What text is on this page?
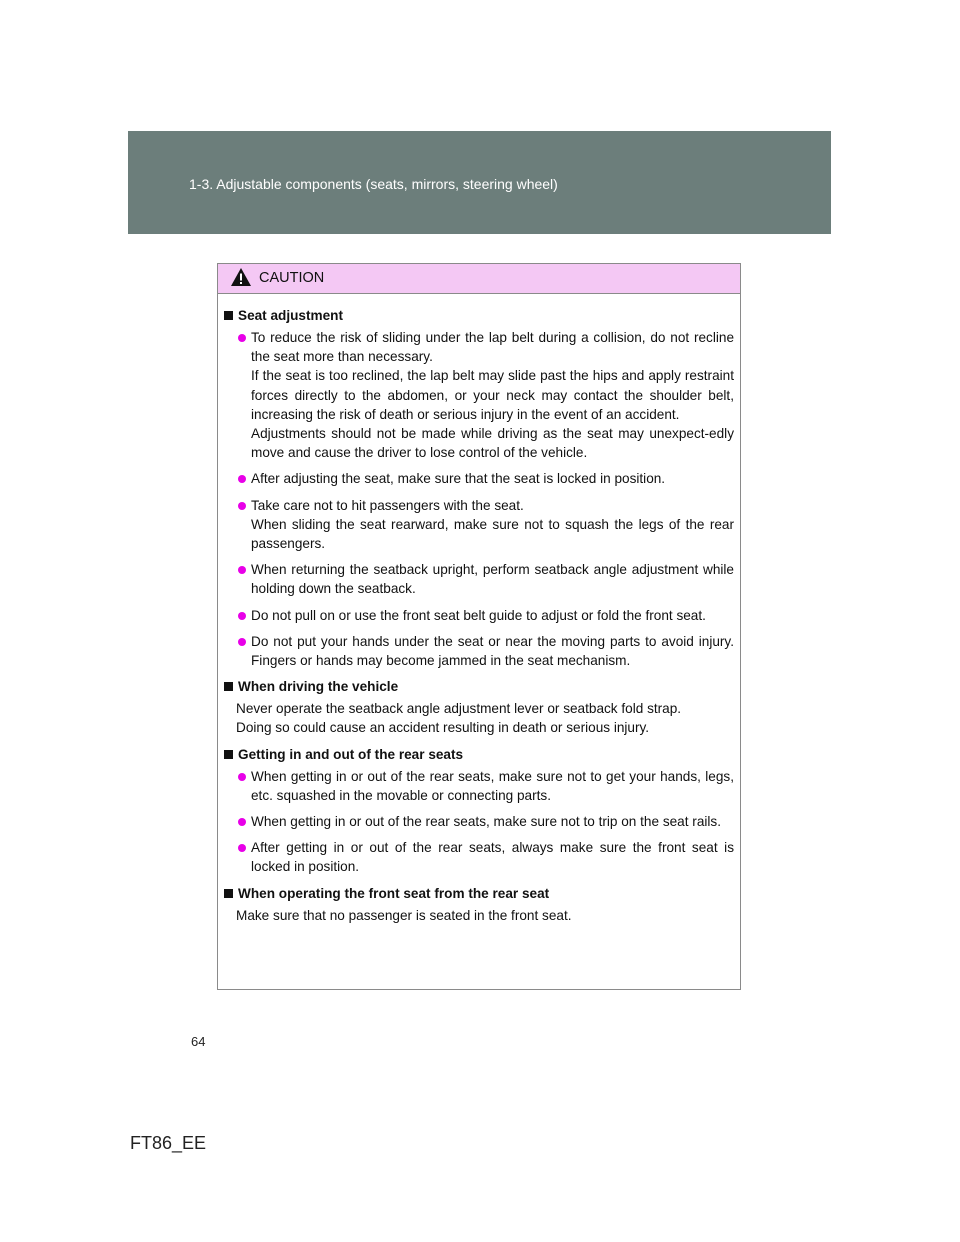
1-3. Adjustable components (seats, mirrors, steering wheel)
CAUTION
Seat adjustment
To reduce the risk of sliding under the lap belt during a collision, do not recline the seat more than necessary.
If the seat is too reclined, the lap belt may slide past the hips and apply restraint forces directly to the abdomen, or your neck may contact the shoulder belt, increasing the risk of death or serious injury in the event of an accident.
Adjustments should not be made while driving as the seat may unexpect-edly move and cause the driver to lose control of the vehicle.
After adjusting the seat, make sure that the seat is locked in position.
Take care not to hit passengers with the seat.
When sliding the seat rearward, make sure not to squash the legs of the rear passengers.
When returning the seatback upright, perform seatback angle adjustment while holding down the seatback.
Do not pull on or use the front seat belt guide to adjust or fold the front seat.
Do not put your hands under the seat or near the moving parts to avoid injury. Fingers or hands may become jammed in the seat mechanism.
When driving the vehicle
Never operate the seatback angle adjustment lever or seatback fold strap.
Doing so could cause an accident resulting in death or serious injury.
Getting in and out of the rear seats
When getting in or out of the rear seats, make sure not to get your hands, legs, etc. squashed in the movable or connecting parts.
When getting in or out of the rear seats, make sure not to trip on the seat rails.
After getting in or out of the rear seats, always make sure the front seat is locked in position.
When operating the front seat from the rear seat
Make sure that no passenger is seated in the front seat.
64
FT86_EE
